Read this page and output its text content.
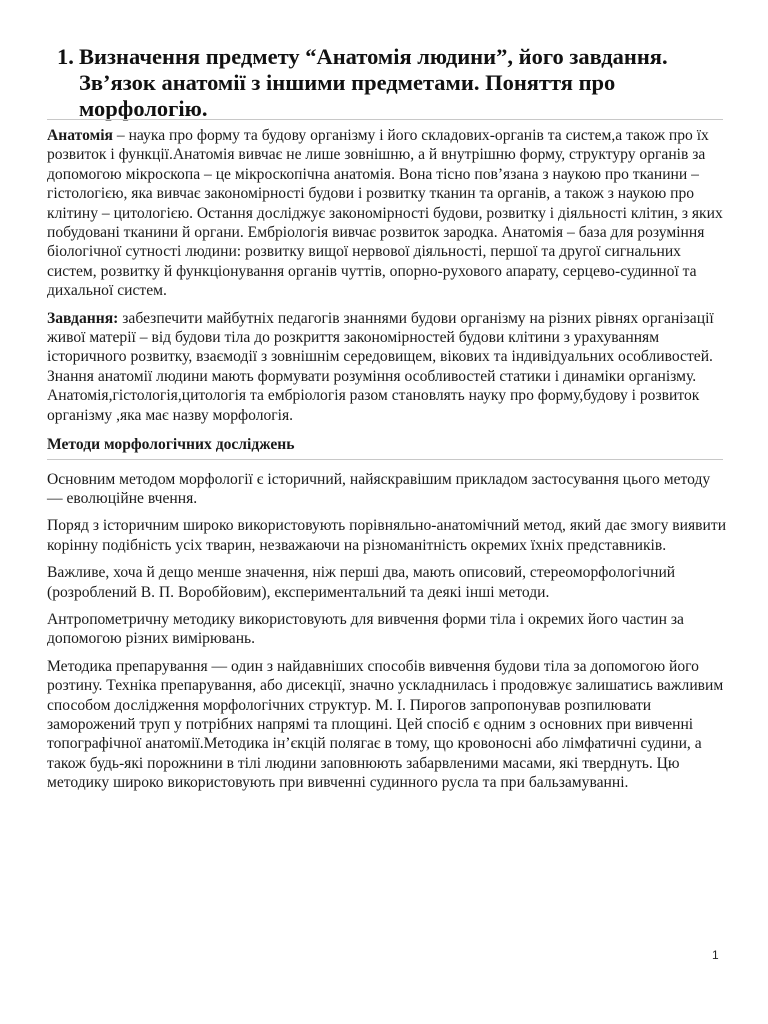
1. Визначення предмету “Анатомія людини”, його завдання. Зв’язок анатомії з іншими предметами. Поняття про морфологію.

Анатомія – наука про форму та будову організму і його складових-органів та систем,а також про їх розвиток і функції.Анатомія вивчає не лише зовнішню, а й внутрішню форму, структуру органів за допомогою мікроскопа – це мікроскопічна анатомія. Вона тісно пов’язана з наукою про тканини – гістологією, яка вивчає закономірності будови і розвитку тканин та органів, а також з наукою про клітину – цитологією. Остання досліджує закономірності будови, розвитку і діяльності клітин, з яких побудовані тканини й органи. Ембріологія вивчає розвиток зародка. Анатомія – база для розуміння біологічної сутності людини: розвитку вищої нервової діяльності, першої та другої сигнальних систем, розвитку й функціонування органів чуттів, опорно-рухового апарату, серцево-судинної та дихальної систем.

Завдання: забезпечити майбутніх педагогів знаннями будови організму на різних рівнях організації живої матерії – від будови тіла до розкриття закономірностей будови клітини з урахуванням історичного розвитку, взаємодії з зовнішнім середовищем, вікових та індивідуальних особливостей. Знання анатомії людини мають формувати розуміння особливостей статики і динаміки організму. Анатомія,гістологія,цитологія та ембріологія разом становлять науку про форму,будову і розвиток організму ,яка має назву морфологія.

Методи морфологічних досліджень

Основним методом морфології є історичний, найяскравішим прикладом застосування цього методу — еволюційне вчення.

Поряд з історичним широко використовують порівняльно-анатомічний метод, який дає змогу виявити корінну подібність усіх тварин, незважаючи на різноманітність окремих їхніх представників.

Важливе, хоча й дещо менше значення, ніж перші два, мають описовий, стереоморфологічний (розроблений В. П. Воробйовим), експериментальний та деякі інші методи.

Антропометричну методику використовують для вивчення форми тіла і окремих його частин за допомогою різних вимірювань.

Методика препарування — один з найдавніших способів вивчення будови тіла за допомогою його розтину. Техніка препарування, або дисекції, значно ускладнилась і продовжує залишатись важливим способом дослідження морфологічних структур. М. І. Пирогов запропонував розпилювати заморожений труп у потрібних напрямі та площині. Цей спосіб є одним з основних при вивченні топографічної анатомії.Методика ін’єкцій полягає в тому, що кровоносні або лімфатичні судини, а також будь-які порожнини в тілі людини заповнюють забарвленими масами, які тверднуть. Цю методику широко використовують при вивченні судинного русла та при бальзамуванні.

1
